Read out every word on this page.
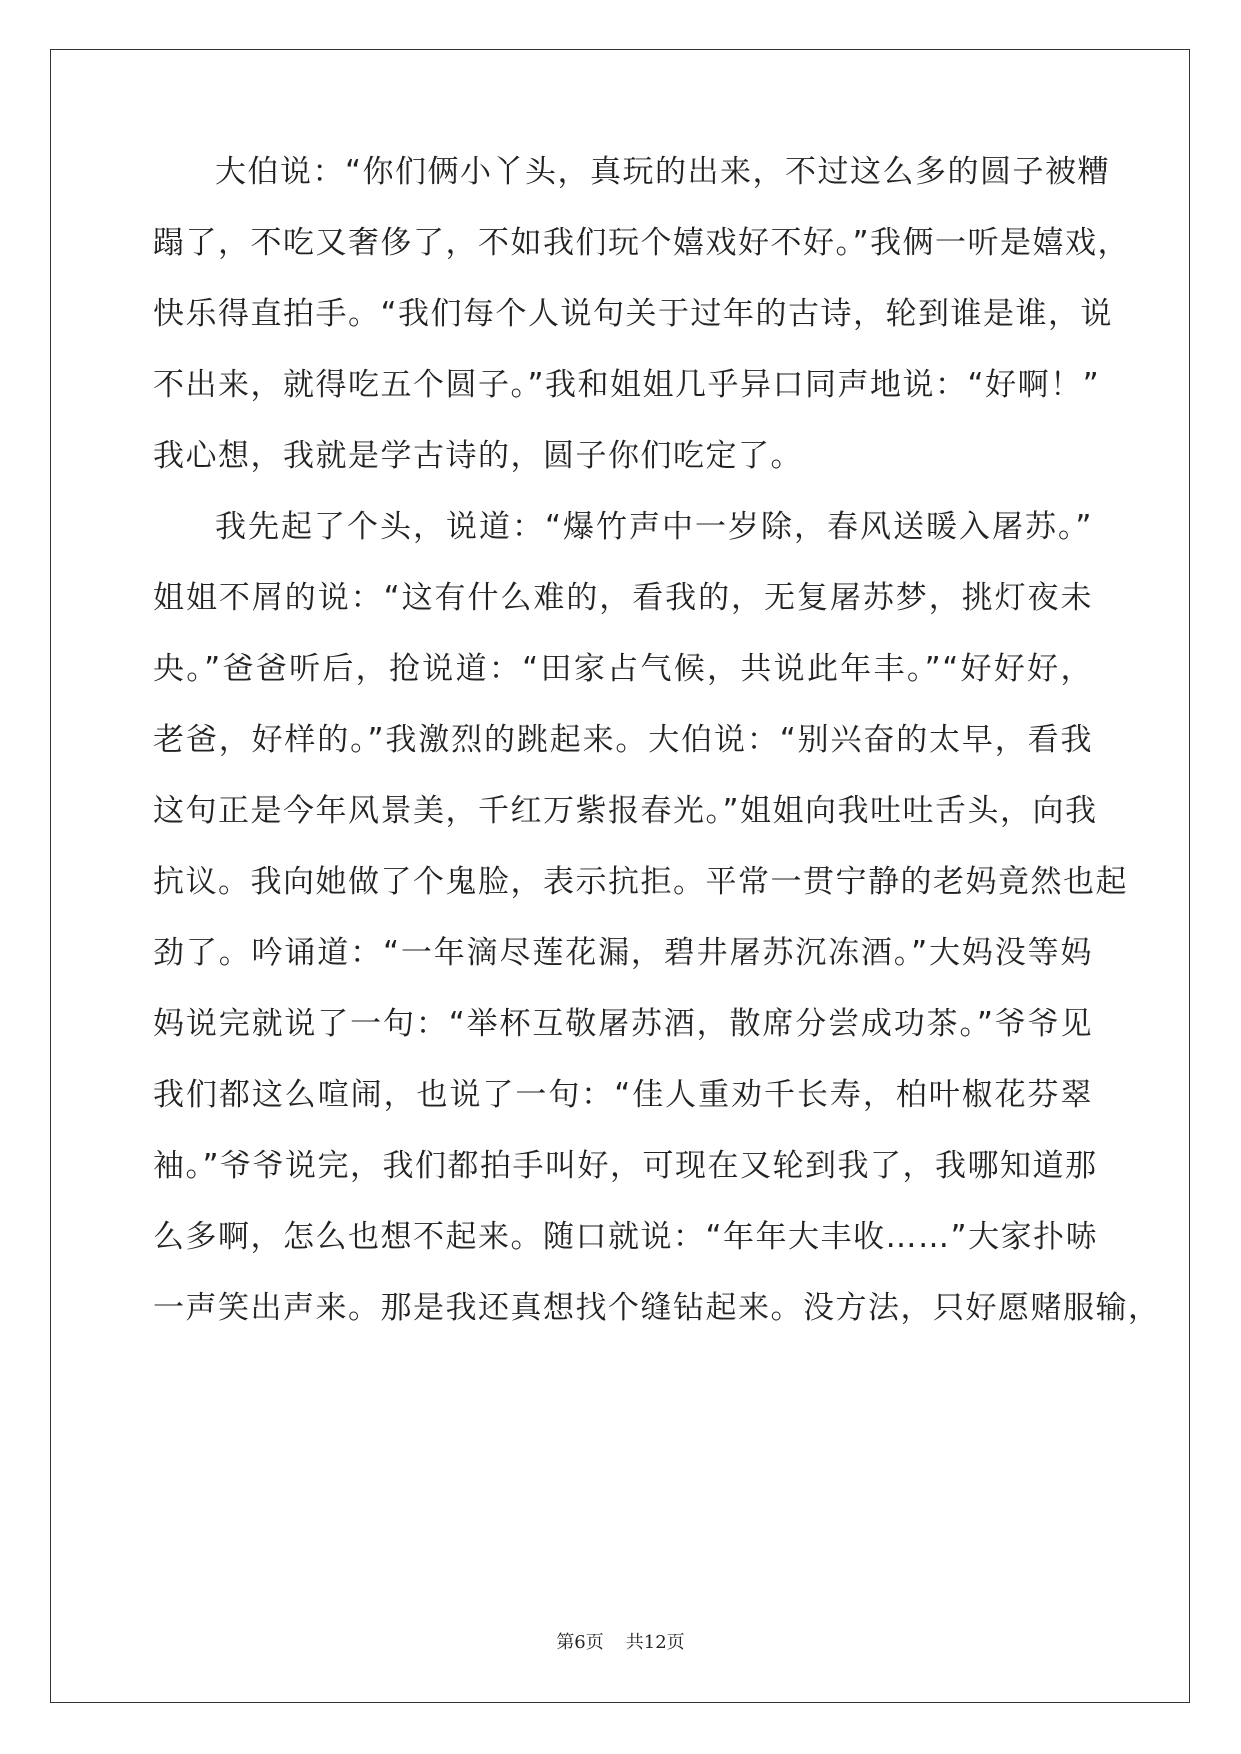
大伯说：“你们俩小丫头，真玩的出来，不过这么多的圆子被糟
蹋了，不吃又奢侈了，不如我们玩个嬉戏好不好。”我俩一听是嬉戏，
快乐得直拍手。“我们每个人说句关于过年的古诗，轮到谁是谁，说
不出来，就得吃五个圆子。”我和姐姐几乎异口同声地说：“好啊！”
我心想，我就是学古诗的，圆子你们吃定了。
我先起了个头，说道：“爆竹声中一岁除，春风送暖入屠苏。”
姐姐不屑的说：“这有什么难的，看我的，无复屠苏梦，挑灯夜未
央。”爸爸听后，抢说道：“田家占气候，共说此年丰。”“好好好，
老爸，好样的。”我激烈的跳起来。大伯说：“别兴奋的太早，看我
这句正是今年风景美，千红万紫报春光。”姐姐向我吐吐舌头，向我
抗议。我向她做了个鬼脸，表示抗拒。平常一贯宁静的老妈竟然也起
劲了。吟诵道：“一年滴尽莲花漏，碧井屠苏沉冻酒。”大妈没等妈
妈说完就说了一句：“举杯互敬屠苏酒，散席分尝成功茶。”爷爷见
我们都这么喧闹，也说了一句：“佳人重劝千长寿，柏叶椒花芬翠
袖。”爷爷说完，我们都拍手叫好，可现在又轮到我了，我哪知道那
么多啊，怎么也想不起来。随口就说：“年年大丰收……”大家扑哧
一声笑出声来。那是我还真想找个缝钻起来。没方法，只好愿赌服输，
第6页 共12页
